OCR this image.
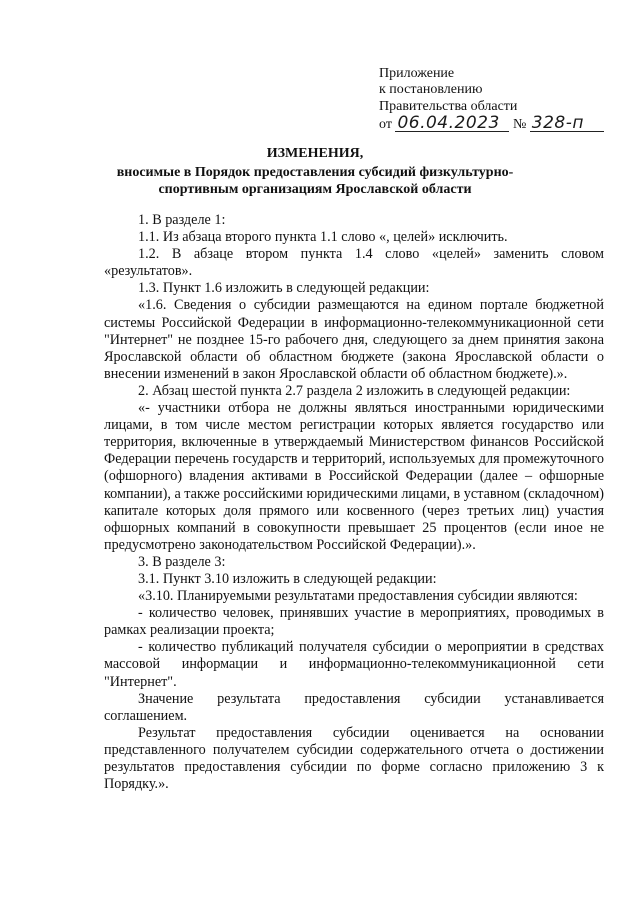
Приложение
к постановлению
Правительства области
от 06.04.2023 № 328-п
ИЗМЕНЕНИЯ,
вносимые в Порядок предоставления субсидий физкультурно-спортивным организациям Ярославской области

1. В разделе 1:

1.1. Из абзаца второго пункта 1.1 слово «, целей» исключить.

1.2. В абзаце втором пункта 1.4 слово «целей» заменить словом «результатов».

1.3. Пункт 1.6 изложить в следующей редакции:

«1.6. Сведения о субсидии размещаются на едином портале бюджетной системы Российской Федерации в информационно-телекоммуникационной сети "Интернет" не позднее 15-го рабочего дня, следующего за днем принятия закона Ярославской области об областном бюджете (закона Ярославской области о внесении изменений в закон Ярославской области об областном бюджете).».

2. Абзац шестой пункта 2.7 раздела 2 изложить в следующей редакции:

«- участники отбора не должны являться иностранными юридическими лицами, в том числе местом регистрации которых является государство или территория, включенные в утверждаемый Министерством финансов Российской Федерации перечень государств и территорий, используемых для промежуточного (офшорного) владения активами в Российской Федерации (далее – офшорные компании), а также российскими юридическими лицами, в уставном (складочном) капитале которых доля прямого или косвенного (через третьих лиц) участия офшорных компаний в совокупности превышает 25 процентов (если иное не предусмотрено законодательством Российской Федерации).».

3. В разделе 3:

3.1. Пункт 3.10 изложить в следующей редакции:

«3.10. Планируемыми результатами предоставления субсидии являются:

- количество человек, принявших участие в мероприятиях, проводимых в рамках реализации проекта;

- количество публикаций получателя субсидии о мероприятии в средствах массовой информации и информационно-телекоммуникационной сети "Интернет".

Значение результата предоставления субсидии устанавливается соглашением.

Результат предоставления субсидии оценивается на основании представленного получателем субсидии содержательного отчета о достижении результатов предоставления субсидии по форме согласно приложению 3 к Порядку.».
